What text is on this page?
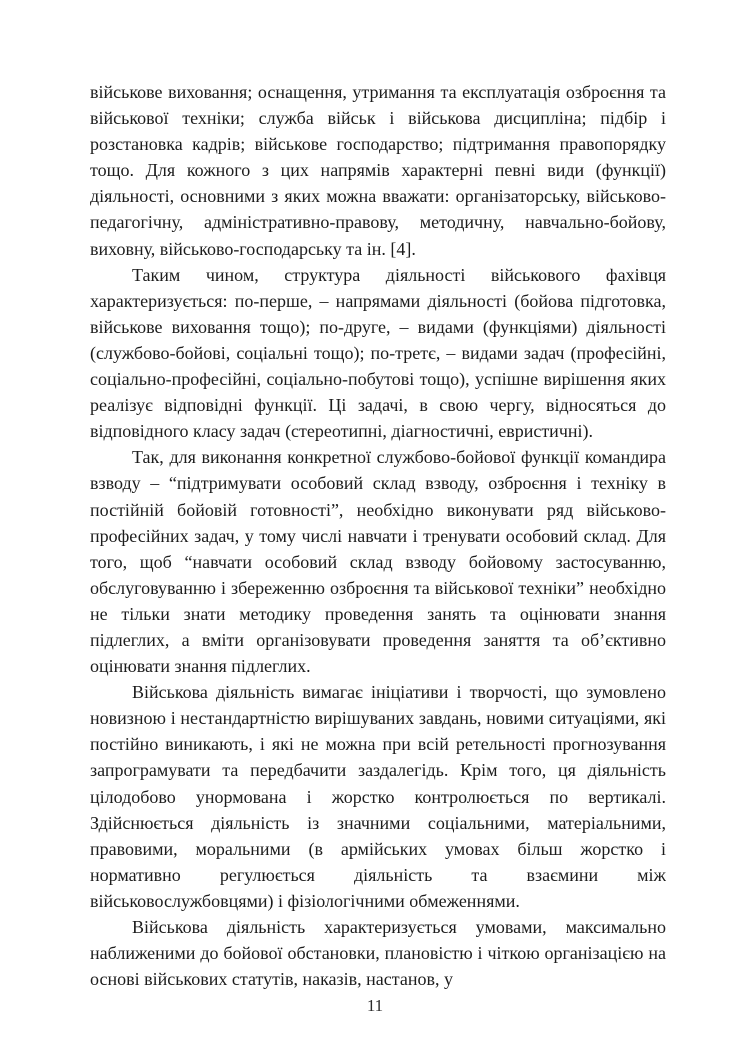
військове виховання; оснащення, утримання та експлуатація озброєння та військової техніки; служба військ і військова дисципліна; підбір і розстановка кадрів; військове господарство; підтримання правопорядку тощо. Для кожного з цих напрямів характерні певні види (функції) діяльності, основними з яких можна вважати: організаторську, військово-педагогічну, адміністративно-правову, методичну, навчально-бойову, виховну, військово-господарську та ін. [4].

Таким чином, структура діяльності військового фахівця характеризується: по-перше, – напрямами діяльності (бойова підготовка, військове виховання тощо); по-друге, – видами (функціями) діяльності (службово-бойові, соціальні тощо); по-третє, – видами задач (професійні, соціально-професійні, соціально-побутові тощо), успішне вирішення яких реалізує відповідні функції. Ці задачі, в свою чергу, відносяться до відповідного класу задач (стереотипні, діагностичні, евристичні).

Так, для виконання конкретної службово-бойової функції командира взводу – “підтримувати особовий склад взводу, озброєння і техніку в постійній бойовій готовності”, необхідно виконувати ряд військово-професійних задач, у тому числі навчати і тренувати особовий склад. Для того, щоб “навчати особовий склад взводу бойовому застосуванню, обслуговуванню і збереженню озброєння та військової техніки” необхідно не тільки знати методику проведення занять та оцінювати знання підлеглих, а вміти організовувати проведення заняття та об’єктивно оцінювати знання підлеглих.

Військова діяльність вимагає ініціативи і творчості, що зумовлено новизною і нестандартністю вирішуваних завдань, новими ситуаціями, які постійно виникають, і які не можна при всій ретельності прогнозування запрограмувати та передбачити заздалегідь. Крім того, ця діяльність цілодобово унормована і жорстко контролюється по вертикалі. Здійснюється діяльність із значними соціальними, матеріальними, правовими, моральними (в армійських умовах більш жорстко і нормативно регулюється діяльність та взаємини між військовослужбовцями) і фізіологічними обмеженнями.

Військова діяльність характеризується умовами, максимально наближеними до бойової обстановки, плановістю і чіткою організацією на основі військових статутів, наказів, настанов, у

11
